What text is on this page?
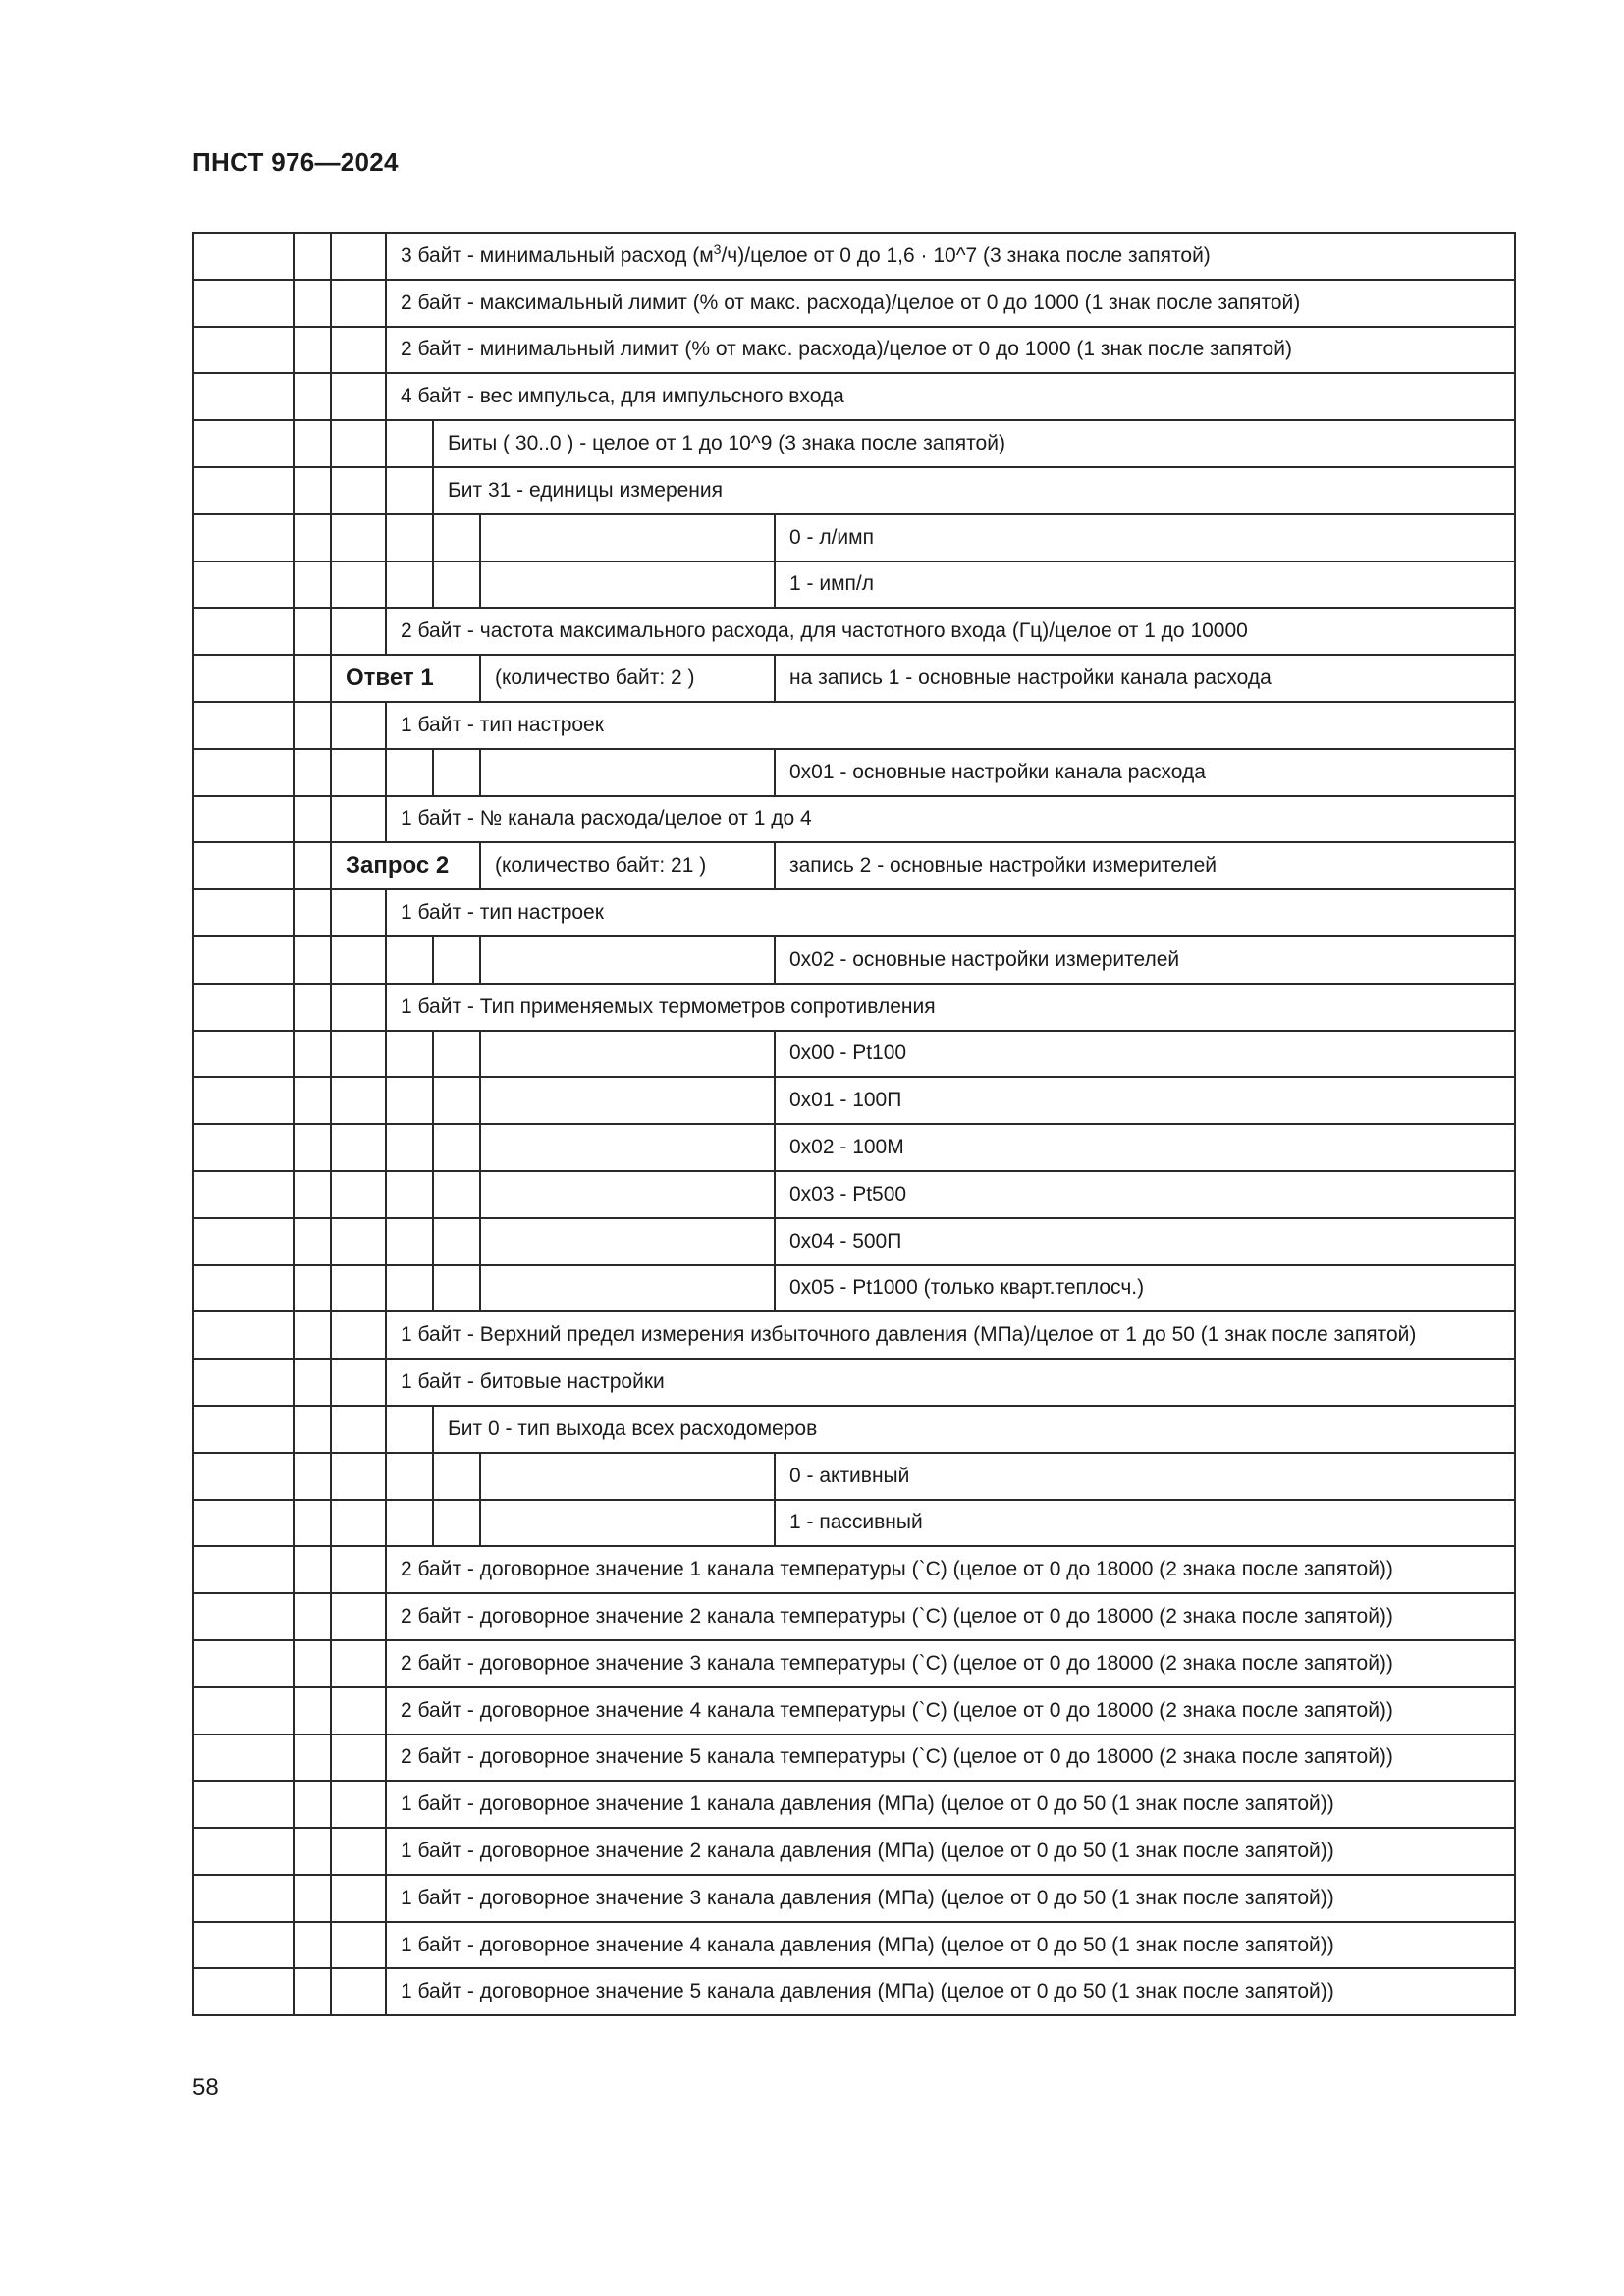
ПНСТ 976—2024
			3 байт - минимальный расход $(м^3/ч)$/целое от 0 до 1,6 · 10^7 (3 знака после запятой)			
			2 байт - максимальный лимит (% от макс. расхода)/целое от 0 до 1000 (1 знак после запятой)			
			2 байт - минимальный лимит (% от макс. расхода)/целое от 0 до 1000 (1 знак после запятой)			
			4 байт - вес импульса, для импульсного входа			
				Биты ( 30..0 ) - целое от 1 до 10^9 (3 знака после запятой)		
				Бит 31 - единицы измерения		
						0 - л/имп
						1 - имп/л
			2 байт - частота максимального расхода, для частотного входа (Гц)/целое от 1 до 10000			
		Ответ 1			(количество байт: 2 )	на запись 1 - основные настройки канала расхода
			1 байт - тип настроек			
						0x01 - основные настройки канала расхода
			1 байт - № канала расхода/целое от 1 до 4			
		Запрос 2			(количество байт: 21 )	запись 2 - основные настройки измерителей
			1 байт - тип настроек			
						0x02 - основные настройки измерителей
			1 байт - Тип применяемых термометров сопротивления			
						0x00 - Pt100
						0x01 - 100П
						0x02 - 100М
						0x03 - Pt500
						0x04 - 500П
						0x05 - Pt1000 (только кварт.теплосч.)
			1 байт - Верхний предел измерения избыточного давления (МПа)/целое от 1 до 50 (1 знак после запятой)			
			1 байт - битовые настройки			
				Бит 0 - тип выхода всех расходомеров		
						0 - активный
						1 - пассивный
			2 байт - договорное значение 1 канала температуры (`С) (целое от 0 до 18000 (2 знака после запятой))			
			2 байт - договорное значение 2 канала температуры (`С) (целое от 0 до 18000 (2 знака после запятой))			
			2 байт - договорное значение 3 канала температуры (`С) (целое от 0 до 18000 (2 знака после запятой))			
			2 байт - договорное значение 4 канала температуры (`С) (целое от 0 до 18000 (2 знака после запятой))			
			2 байт - договорное значение 5 канала температуры (`С) (целое от 0 до 18000 (2 знака после запятой))			
			1 байт - договорное значение 1 канала давления (МПа) (целое от 0 до 50 (1 знак после запятой))			
			1 байт - договорное значение 2 канала давления (МПа) (целое от 0 до 50 (1 знак после запятой))			
			1 байт - договорное значение 3 канала давления (МПа) (целое от 0 до 50 (1 знак после запятой))			
			1 байт - договорное значение 4 канала давления (МПа) (целое от 0 до 50 (1 знак после запятой))			
			1 байт - договорное значение 5 канала давления (МПа) (целое от 0 до 50 (1 знак после запятой))			
58
